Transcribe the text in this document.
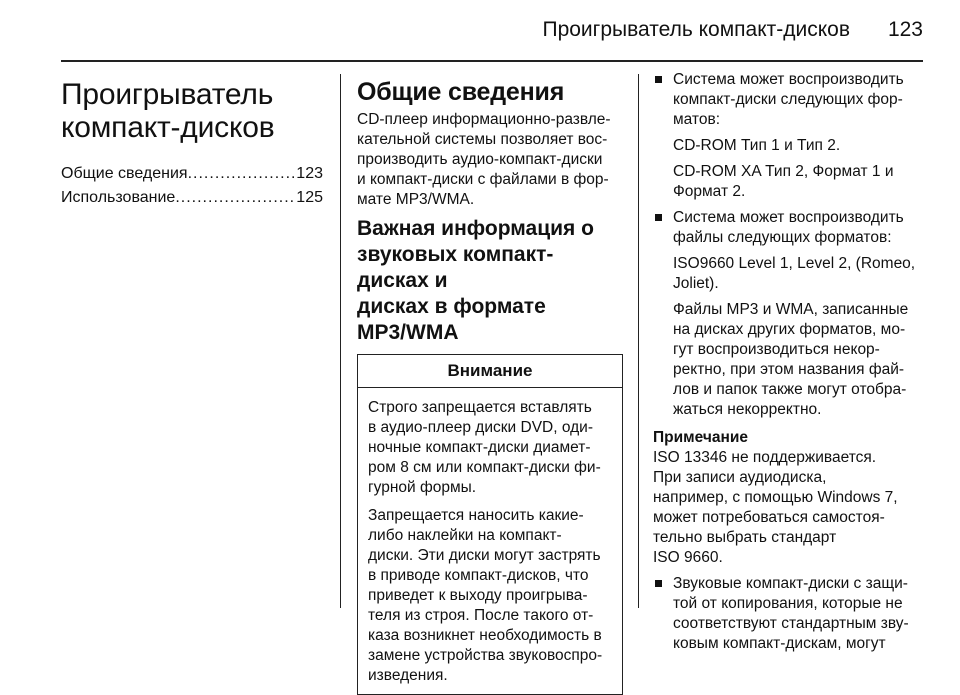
Проигрыватель компакт-дисков 123
Проигрыватель
компакт-дисков
Общие сведения .....	123
Использование .....	125
Общие сведения
CD-плеер информационно-развле-
кательной системы позволяет вос-
производить аудио-компакт-диски
и компакт-диски с файлами в фор-
мате MP3/WMA.
Важная информация о
звуковых компакт-дисках и
дисках в формате MP3/WMA
Внимание
Строго запрещается вставлять
в аудио-плеер диски DVD, оди-
ночные компакт-диски диамет-
ром 8 см или компакт-диски фи-
гурной формы.
Запрещается наносить какие-
либо наклейки на компакт-
диски. Эти диски могут застрять
в приводе компакт-дисков, что
приведет к выходу проигрыва-
теля из строя. После такого от-
каза возникнет необходимость в
замене устройства звуковоспро-
изведения.
Система может воспроизводить
компакт-диски следующих фор-
матов:
CD-ROM Тип 1 и Тип 2.
CD-ROM XA Тип 2, Формат 1 и
Формат 2.
Система может воспроизводить
файлы следующих форматов:
ISO9660 Level 1, Level 2, (Romeo,
Joliet).
Файлы MP3 и WMA, записанные
на дисках других форматов, мо-
гут воспроизводиться некор-
ректно, при этом названия фай-
лов и папок также могут отобра-
жаться некорректно.
Примечание
ISO 13346 не поддерживается.
При записи аудиодиска,
например, с помощью Windows 7,
может потребоваться самостоя-
тельно выбрать стандарт
ISO 9660.
Звуковые компакт-диски с защи-
той от копирования, которые не
соответствуют стандартным зву-
ковым компакт-дискам, могут
